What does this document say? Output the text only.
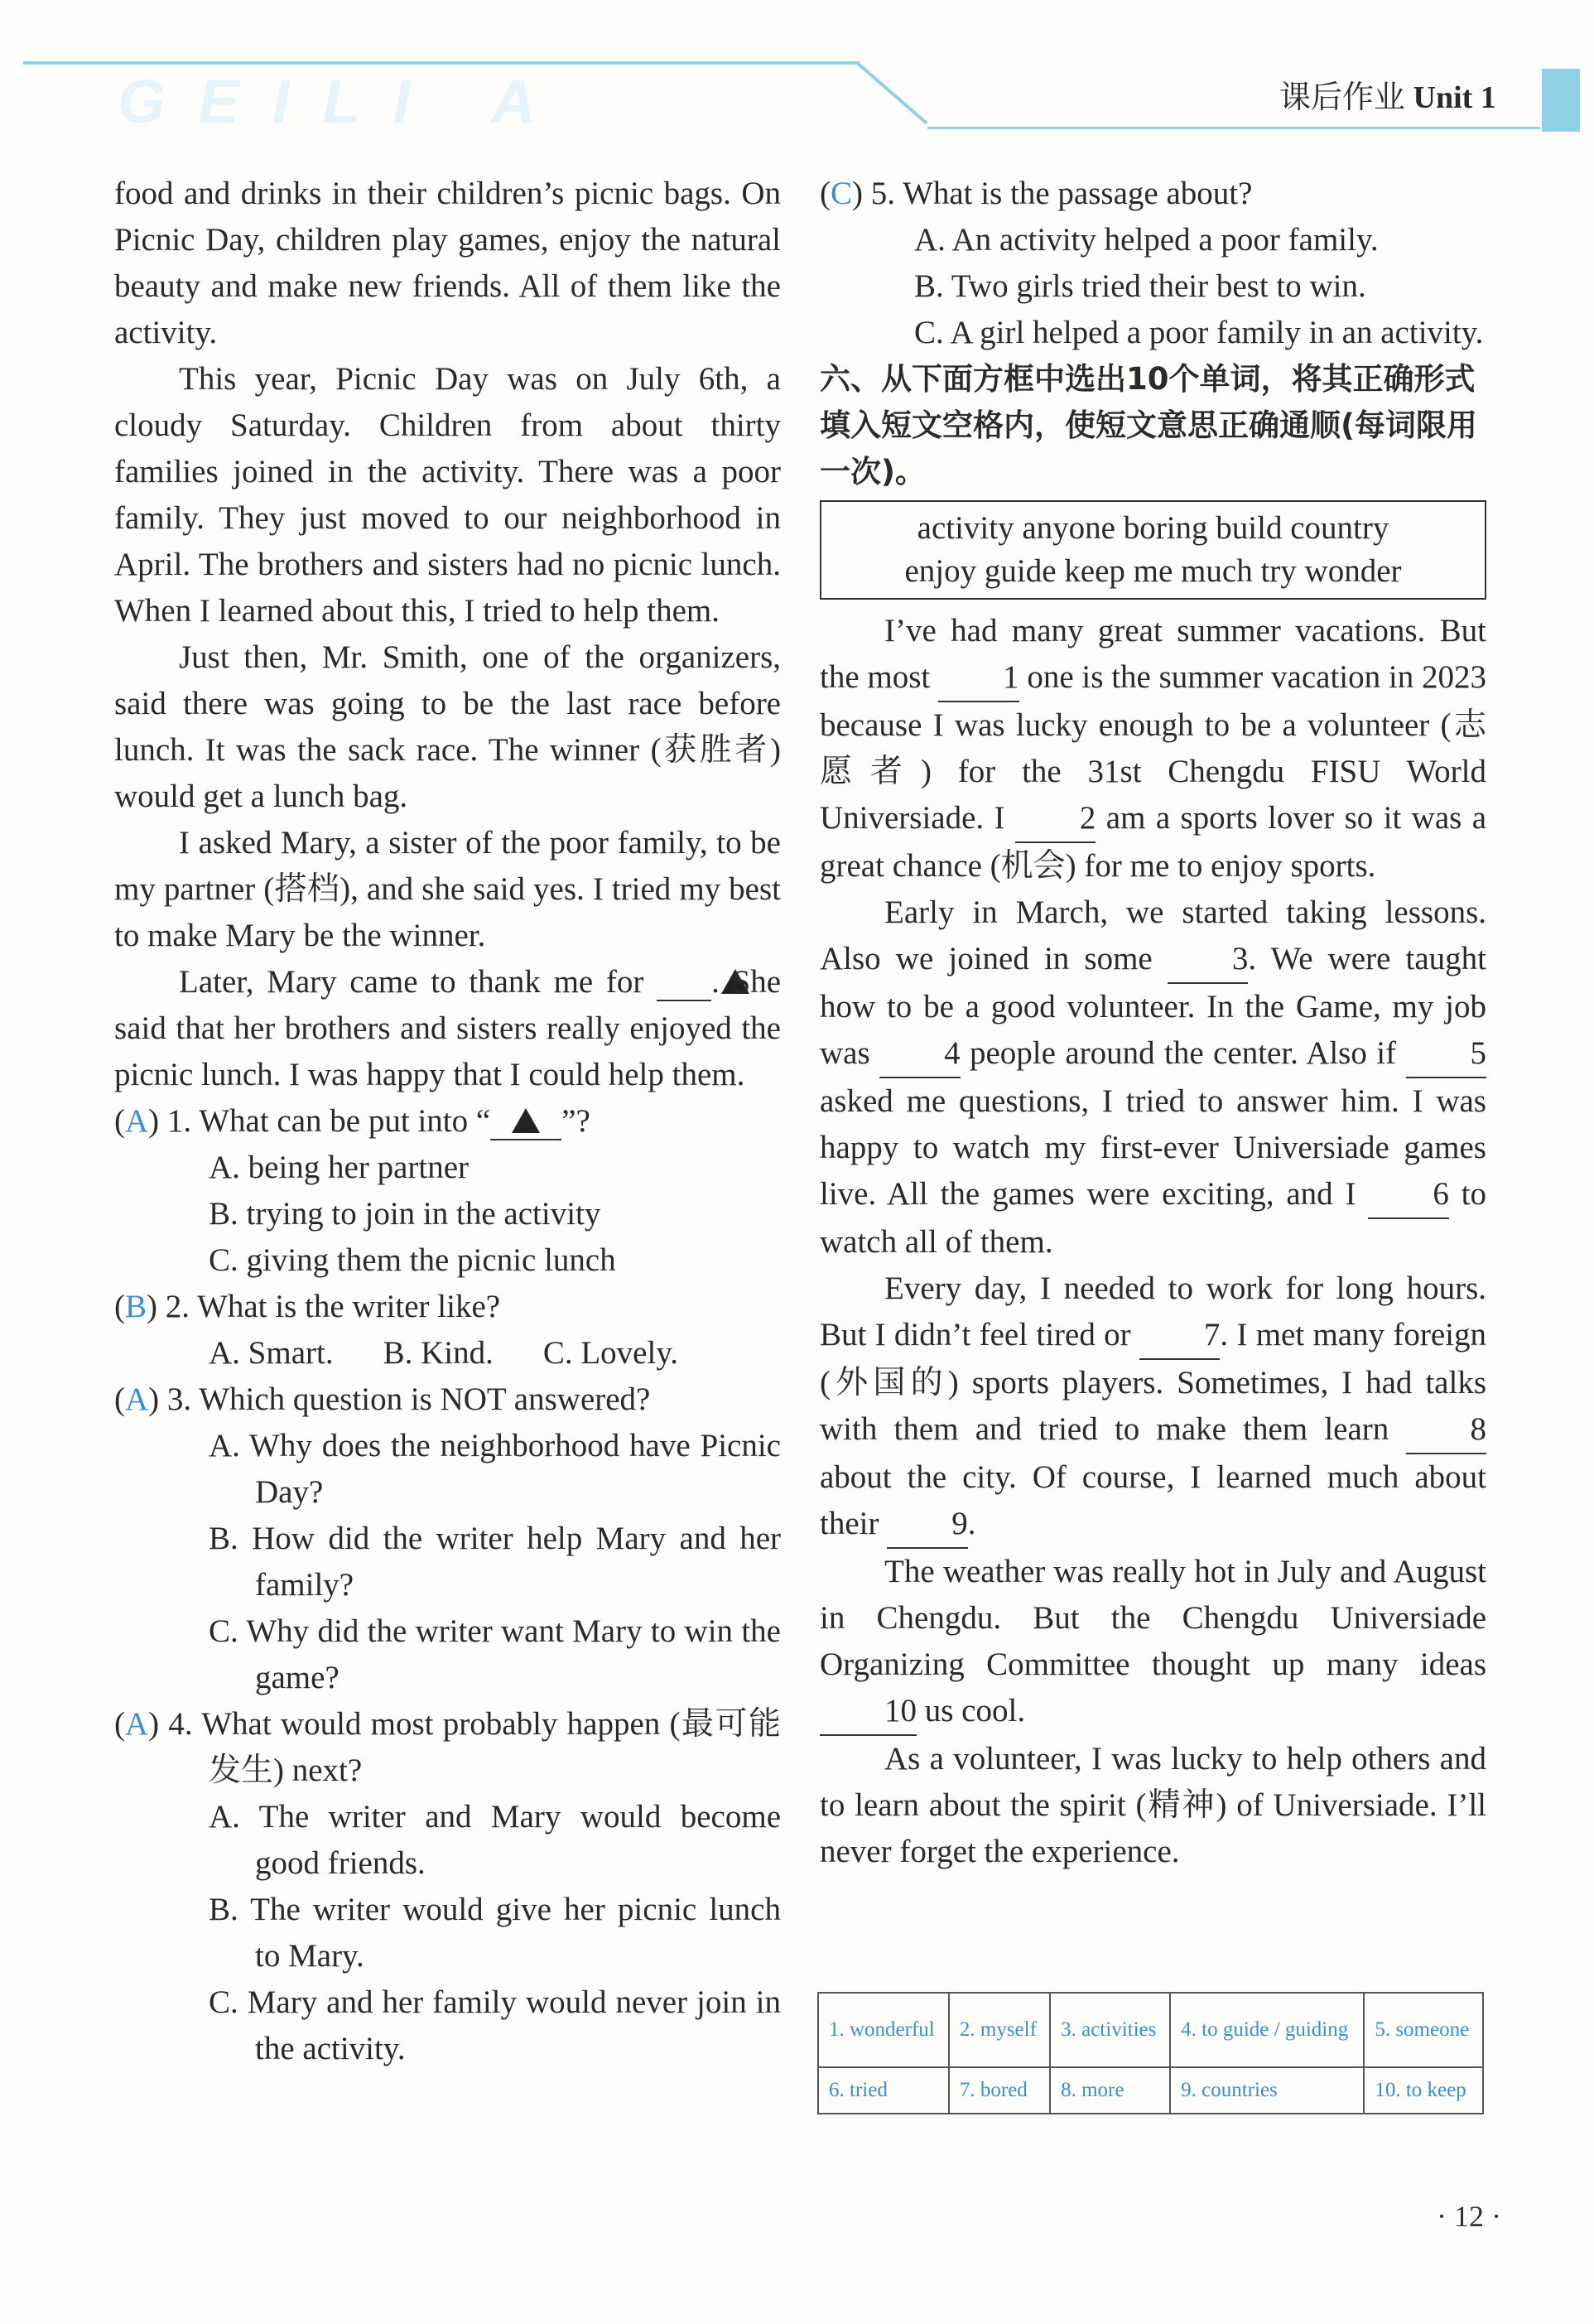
GEILI A	课后作业 Unit 1
food and drinks in their children’s picnic bags. On Picnic Day, children play games, enjoy the natural beauty and make new friends. All of them like the activity.
This year, Picnic Day was on July 6th, a cloudy Saturday. Children from about thirty families joined in the activity. There was a poor family. They just moved to our neighborhood in April. The brothers and sisters had no picnic lunch. When I learned about this, I tried to help them.
Just then, Mr. Smith, one of the organizers, said there was going to be the last race before lunch. It was the sack race. The winner (获胜者) would get a lunch bag.
I asked Mary, a sister of the poor family, to be my partner (搭档), and she said yes. I tried my best to make Mary be the winner.
Later, Mary came to thank me for . She said that her brothers and sisters really enjoyed the picnic lunch. I was happy that I could help them.
(A) 1. What can be put into “ ”?
A. being her partner
B. trying to join in the activity
C. giving them the picnic lunch
(B) 2. What is the writer like?
A. Smart. B. Kind. C. Lovely.
(A) 3. Which question is NOT answered?
A. Why does the neighborhood have Picnic Day?
B. How did the writer help Mary and her family?
C. Why did the writer want Mary to win the game?
(A) 4. What would most probably happen (最可能发生) next?
A. The writer and Mary would become good friends.
B. The writer would give her picnic lunch to Mary.
C. Mary and her family would never join in the activity.
(C) 5. What is the passage about?
A. An activity helped a poor family.
B. Two girls tried their best to win.
C. A girl helped a poor family in an activity.
六、从下面方框中选出10个单词，将其正确形式填入短文空格内，使短文意思正确通顺(每词限用一次)。
activity anyone boring build country
enjoy guide keep me much try wonder
I’ve had many great summer vacations. But the most 1 one is the summer vacation in 2023 because I was lucky enough to be a volunteer (志愿者) for the 31st Chengdu FISU World Universiade. I 2 am a sports lover so it was a great chance (机会) for me to enjoy sports.
Early in March, we started taking lessons. Also we joined in some 3. We were taught how to be a good volunteer. In the Game, my job was 4 people around the center. Also if 5 asked me questions, I tried to answer him. I was happy to watch my first-ever Universiade games live. All the games were exciting, and I 6 to watch all of them.
Every day, I needed to work for long hours. But I didn’t feel tired or 7. I met many foreign (外国的) sports players. Sometimes, I had talks with them and tried to make them learn	8 about the city. Of course, I learned much about their 9.
The weather was really hot in July and August in Chengdu. But the Chengdu Universiade Organizing Committee thought up many ideas 10 us cool.
As a volunteer, I was lucky to help others and to learn about the spirit (精神) of Universiade. I’ll never forget the experience.
1. wonderful	2. myself	3. activities	4. to guide / guiding	5. someone
6. tried	7. bored	8. more	9. countries	10. to keep
· 12 ·
